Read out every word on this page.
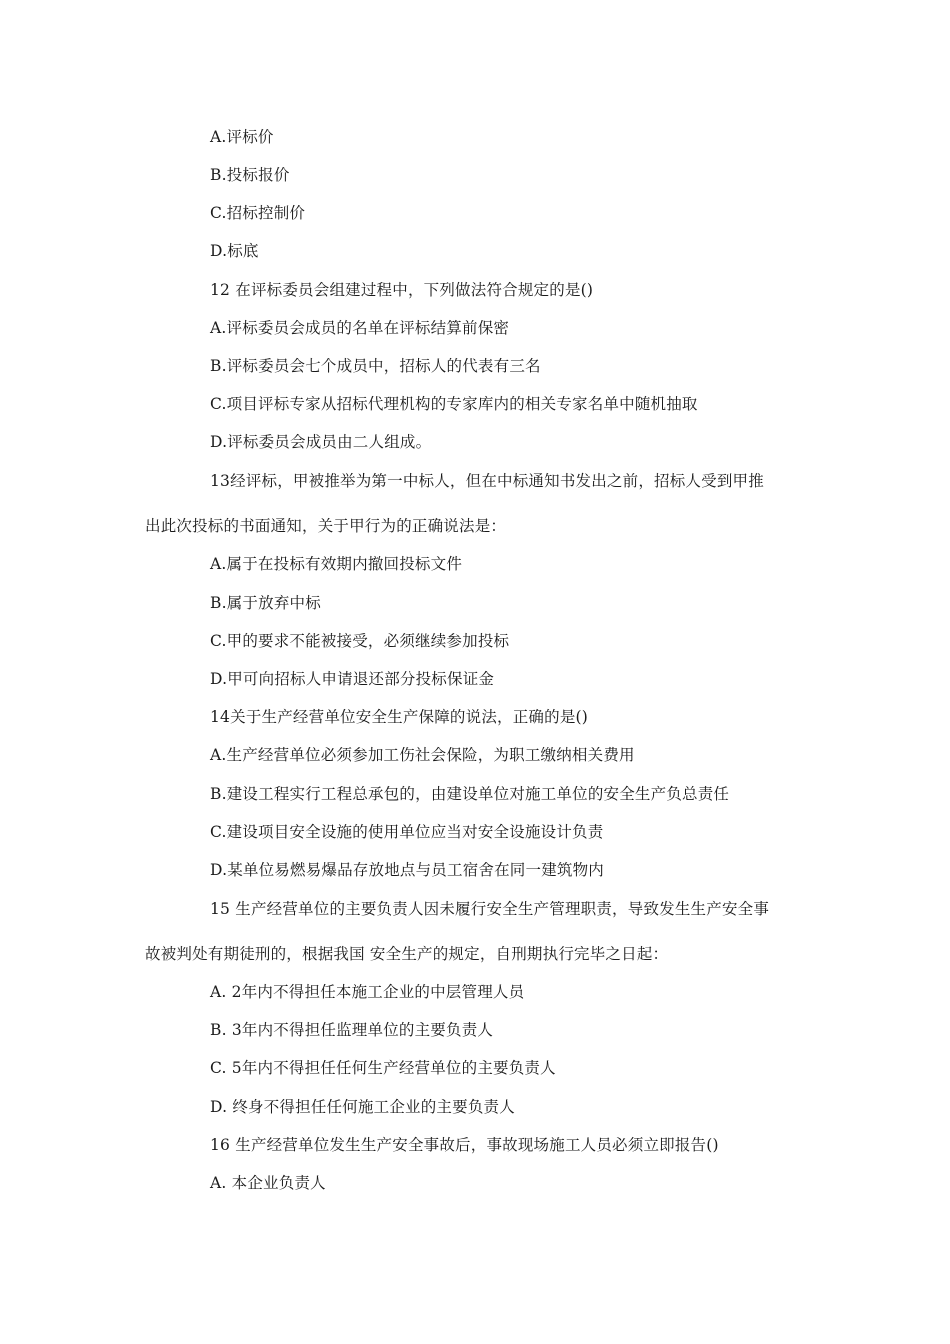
A.评标价
B.投标报价
C.招标控制价
D.标底
12 在评标委员会组建过程中，下列做法符合规定的是()
A.评标委员会成员的名单在评标结算前保密
B.评标委员会七个成员中，招标人的代表有三名
C.项目评标专家从招标代理机构的专家库内的相关专家名单中随机抽取
D.评标委员会成员由二人组成。
13经评标，甲被推举为第一中标人，但在中标通知书发出之前，招标人受到甲推
出此次投标的书面通知，关于甲行为的正确说法是：
A.属于在投标有效期内撤回投标文件
B.属于放弃中标
C.甲的要求不能被接受，必须继续参加投标
D.甲可向招标人申请退还部分投标保证金
14关于生产经营单位安全生产保障的说法，正确的是()
A.生产经营单位必须参加工伤社会保险，为职工缴纳相关费用
B.建设工程实行工程总承包的，由建设单位对施工单位的安全生产负总责任
C.建设项目安全设施的使用单位应当对安全设施设计负责
D.某单位易燃易爆品存放地点与员工宿舍在同一建筑物内
15 生产经营单位的主要负责人因未履行安全生产管理职责，导致发生生产安全事
故被判处有期徒刑的，根据我国 安全生产的规定，自刑期执行完毕之日起：
A. 2年内不得担任本施工企业的中层管理人员
B. 3年内不得担任监理单位的主要负责人
C. 5年内不得担任任何生产经营单位的主要负责人
D. 终身不得担任任何施工企业的主要负责人
16 生产经营单位发生生产安全事故后，事故现场施工人员必须立即报告()
A. 本企业负责人
